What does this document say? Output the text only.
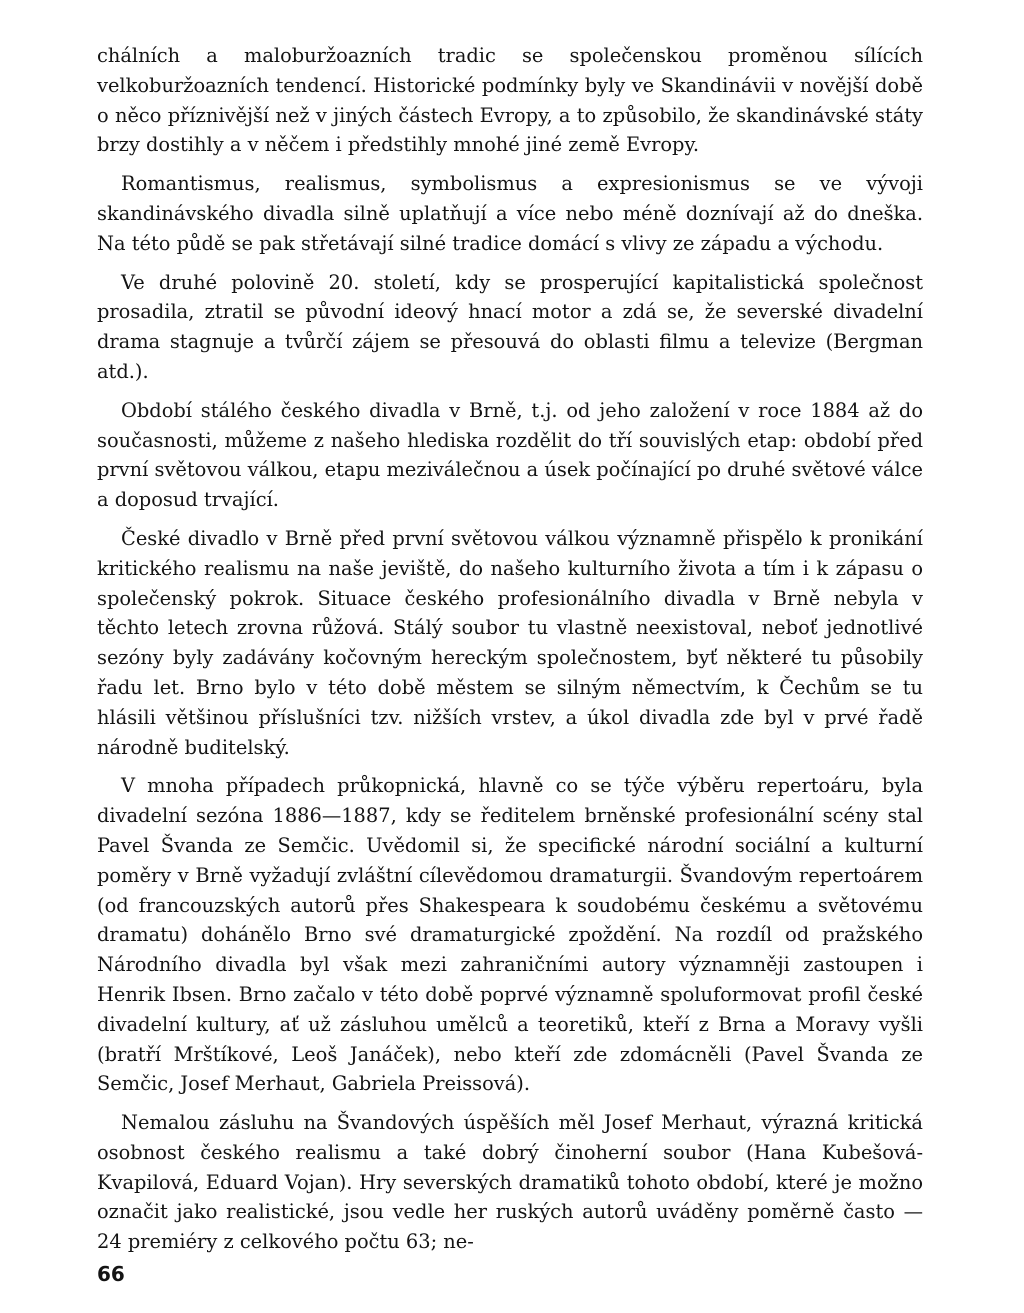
chálních a maloburžoazních tradic se společenskou proměnou sílících velkoburžoazních tendencí. Historické podmínky byly ve Skandinávii v novější době o něco příznivější než v jiných částech Evropy, a to způsobilo, že skandinávské státy brzy dostihly a v něčem i předstihly mnohé jiné země Evropy.

Romantismus, realismus, symbolismus a expresionismus se ve vývoji skandinávského divadla silně uplatňují a více nebo méně doznívají až do dneška. Na této půdě se pak střetávají silné tradice domácí s vlivy ze západu a východu.

Ve druhé polovině 20. století, kdy se prosperující kapitalistická společnost prosadila, ztratil se původní ideový hnací motor a zdá se, že severské divadelní drama stagnuje a tvůrčí zájem se přesouvá do oblasti filmu a televize (Bergman atd.).

Období stálého českého divadla v Brně, t.j. od jeho založení v roce 1884 až do současnosti, můžeme z našeho hlediska rozdělit do tří souvislých etap: období před první světovou válkou, etapu meziválečnou a úsek počínající po druhé světové válce a doposud trvající.

České divadlo v Brně před první světovou válkou významně přispělo k pronikání kritického realismu na naše jeviště, do našeho kulturního života a tím i k zápasu o společenský pokrok. Situace českého profesionálního divadla v Brně nebyla v těchto letech zrovna růžová. Stálý soubor tu vlastně neexistoval, neboť jednotlivé sezóny byly zadávány kočovným hereckým společnostem, byť některé tu působily řadu let. Brno bylo v této době městem se silným němectvím, k Čechům se tu hlásili většinou příslušníci tzv. nižších vrstev, a úkol divadla zde byl v prvé řadě národně buditelský.

V mnoha případech průkopnická, hlavně co se týče výběru repertoáru, byla divadelní sezóna 1886—1887, kdy se ředitelem brněnské profesionální scény stal Pavel Švanda ze Semčic. Uvědomil si, že specifické národní sociální a kulturní poměry v Brně vyžadují zvláštní cílevědomou dramaturgii. Švandovým repertoárem (od francouzských autorů přes Shakespeara k soudobému českému a světovému dramatu) dohánělo Brno své dramaturgické zpoždění. Na rozdíl od pražského Národního divadla byl však mezi zahraničními autory významněji zastoupen i Henrik Ibsen. Brno začalo v této době poprvé významně spoluformovat profil české divadelní kultury, ať už zásluhou umělců a teoretiků, kteří z Brna a Moravy vyšli (bratří Mrštíkové, Leoš Janáček), nebo kteří zde zdomácněli (Pavel Švanda ze Semčic, Josef Merhaut, Gabriela Preissová).

Nemalou zásluhu na Švandových úspěších měl Josef Merhaut, výrazná kritická osobnost českého realismu a také dobrý činoherní soubor (Hana Kubešová-Kvapilová, Eduard Vojan). Hry severských dramatiků tohoto období, které je možno označit jako realistické, jsou vedle her ruských autorů uváděny poměrně často — 24 premiéry z celkového počtu 63; ne-

66
